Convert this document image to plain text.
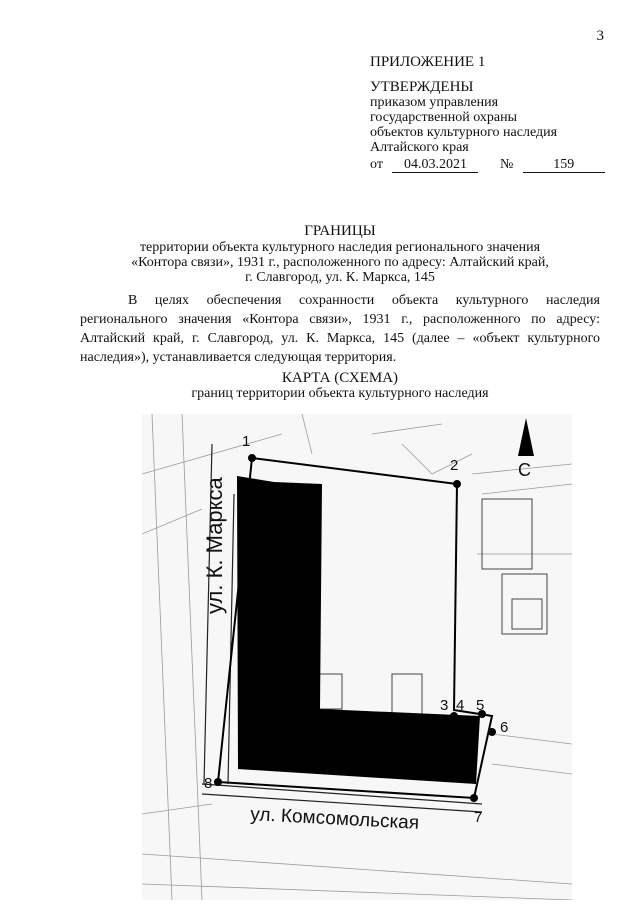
3
ПРИЛОЖЕНИЕ 1
УТВЕРЖДЕНЫ
приказом управления
государственной охраны
объектов культурного наследия
Алтайского края
от 04.03.2021 №	159
ГРАНИЦЫ
территории объекта культурного наследия регионального значения
«Контора связи», 1931 г., расположенного по адресу: Алтайский край,
г. Славгород, ул. К. Маркса, 145
В целях обеспечения сохранности объекта культурного наследия регионального значения «Контора связи», 1931 г., расположенного по адресу: Алтайский край, г. Славгород, ул. К. Маркса, 145 (далее – «объект культурного наследия»), устанавливается следующая территория.
КАРТА (СХЕМА)
границ территории объекта культурного наследия
1
2
3 4 5
6
7
8
ул. К. Маркса
ул. Комсомольская
С
